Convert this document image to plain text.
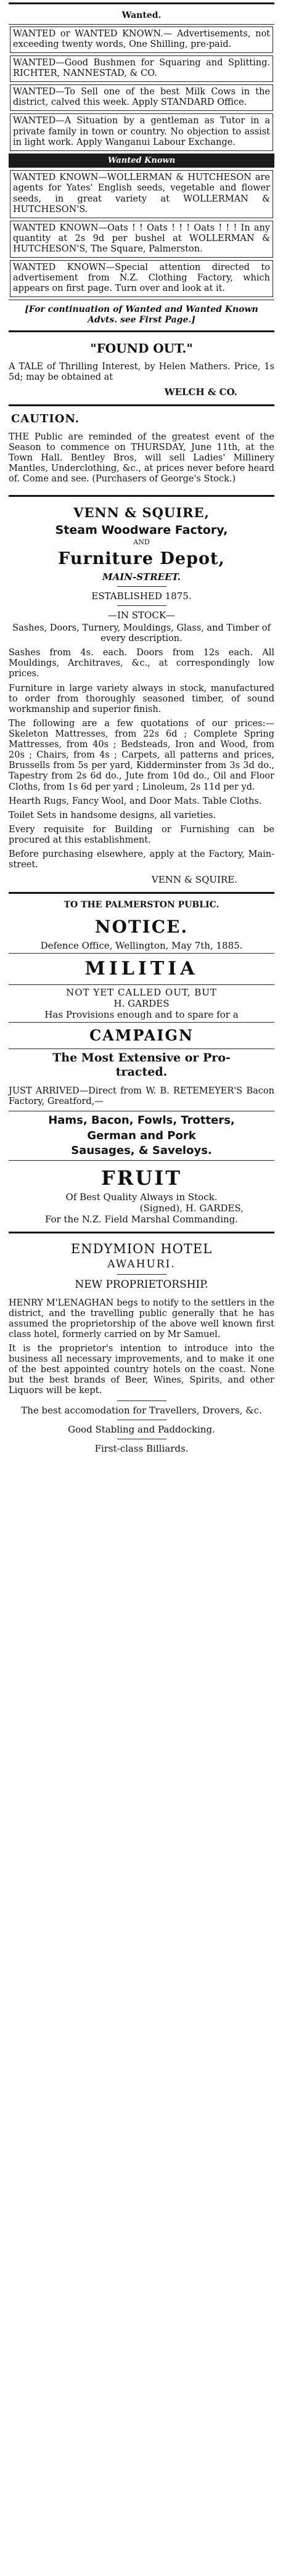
Wanted.
WANTED or WANTED KNOWN.— Advertisements, not exceeding twenty words, One Shilling, pre-paid.
WANTED—Good Bushmen for Squaring and Splitting. RICHTER, NANNESTAD, & CO.
WANTED—To Sell one of the best Milk Cows in the district, calved this week. Apply STANDARD Office.
WANTED—A Situation by a gentleman as Tutor in a private family in town or country. No objection to assist in light work. Apply Wanganui Labour Exchange.
Wanted Known
WANTED KNOWN—WOLLERMAN & HUTCHESON are agents for Yates' English seeds, vegetable and flower seeds, in great variety at WOLLERMAN & HUTCHESON'S.
WANTED KNOWN—Oats ! ! Oats ! ! ! Oats ! ! ! In any quantity at 2s 9d per bushel at WOLLERMAN & HUTCHESON'S, The Square, Palmerston.
WANTED KNOWN—Special attention directed to advertisement from N.Z. Clothing Factory, which appears on first page. Turn over and look at it.
[For continuation of Wanted and Wanted Known Advts. see First Page.]
"FOUND OUT."
A TALE of Thrilling Interest, by Helen Mathers. Price, 1s 5d; may be obtained at
WELCH & CO.
CAUTION.
THE Public are reminded of the greatest event of the Season to commence on THURSDAY, June 11th, at the Town Hall. Bentley Bros, will sell Ladies' Millinery Mantles, Underclothing, &c., at prices never before heard of. Come and see. (Purchasers of George's Stock.)
VENN & SQUIRE,
Steam Woodware Factory,
AND
Furniture Depot,
MAIN-STREET.
ESTABLISHED 1875.
—IN STOCK—
Sashes, Doors, Turnery, Mouldings, Glass, and Timber of every description.
Sashes from 4s. each. Doors from 12s each. All Mouldings, Architraves, &c., at correspondingly low prices.
Furniture in large variety always in stock, manufactured to order from thoroughly seasoned timber, of sound workmanship and superior finish.
The following are a few quotations of our prices:—Skeleton Mattresses, from 22s 6d ; Complete Spring Mattresses, from 40s ; Bedsteads, Iron and Wood, from 20s ; Chairs, from 4s ; Carpets, all patterns and prices, Brussells from 5s per yard, Kidderminster from 3s 3d do., Tapestry from 2s 6d do., Jute from 10d do., Oil and Floor Cloths, from 1s 6d per yard ; Linoleum, 2s 11d per yd.
Hearth Rugs, Fancy Wool, and Door Mats. Table Cloths.
Toilet Sets in handsome designs, all varieties.
Every requisite for Building or Furnishing can be procured at this establishment.
Before purchasing elsewhere, apply at the Factory, Main-street.
VENN & SQUIRE.
TO THE PALMERSTON PUBLIC.
NOTICE.
Defence Office, Wellington, May 7th, 1885.
MILITIA
NOT YET CALLED OUT, BUT
H. GARDES
Has Provisions enough and to spare for a
CAMPAIGN
The Most Extensive or Pro-
tracted.
JUST ARRIVED—Direct from W. B. RETEMEYER'S Bacon Factory, Greatford,—
Hams, Bacon, Fowls, Trotters,
German and Pork
Sausages, & Saveloys.
FRUIT
Of Best Quality Always in Stock.
(Signed), H. GARDES,
For the N.Z. Field Marshal Commanding.
ENDYMION HOTEL
AWAHURI.
NEW PROPRIETORSHIP.
HENRY M'LENAGHAN begs to notify to the settlers in the district, and the travelling public generally that he has assumed the proprietorship of the above well known first class hotel, formerly carried on by Mr Samuel.
It is the proprietor's intention to introduce into the business all necessary improvements, and to make it one of the best appointed country hotels on the coast. None but the best brands of Beer, Wines, Spirits, and other Liquors will be kept.
The best accomodation for Travellers, Drovers, &c.
Good Stabling and Paddocking.
First-class Billiards.
